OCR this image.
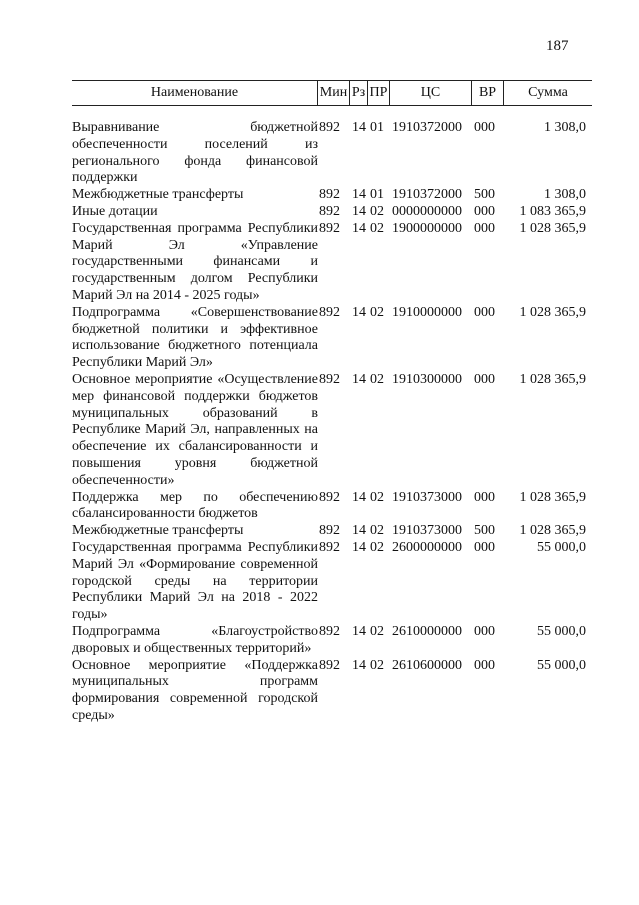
187
Наименование	Мин Рз ПР	ЦС	ВР	Сумма
Выравнивание бюджетной обеспеченности поселений из регионального фонда финансовой поддержки
892 14 01 1910372000 000	1 308,0
Межбюджетные трансферты	892 14 01 1910372000 500	1 308,0
Иные дотации	892 14 02 0000000000 000 1 083 365,9
Государственная программа Республики Марий Эл «Управление государственными финансами и государственным долгом Республики Марий Эл на 2014 - 2025 годы»
892 14 02 1900000000 000 1 028 365,9
Подпрограмма «Совершенствование бюджетной политики и эффективное использование бюджетного потенциала Республики Марий Эл»
892 14 02 1910000000 000 1 028 365,9
Основное мероприятие «Осуществление мер финансовой поддержки бюджетов муниципальных образований в Республике Марий Эл, направленных на обеспечение их сбалансированности и повышения уровня бюджетной обеспеченности»
892 14 02 1910300000 000 1 028 365,9
Поддержка мер по обеспечению сбалансированности бюджетов
892 14 02 1910373000 000 1 028 365,9
Межбюджетные трансферты	892 14 02 1910373000 500 1 028 365,9
Государственная программа Республики Марий Эл «Формирование современной городской среды на территории Республики Марий Эл на 2018 - 2022 годы»
892 14 02 2600000000 000	55 000,0
Подпрограмма «Благоустройство дворовых и общественных территорий»
892 14 02 2610000000 000	55 000,0
Основное мероприятие «Поддержка муниципальных программ формирования современной городской среды»
892 14 02 2610600000 000	55 000,0
